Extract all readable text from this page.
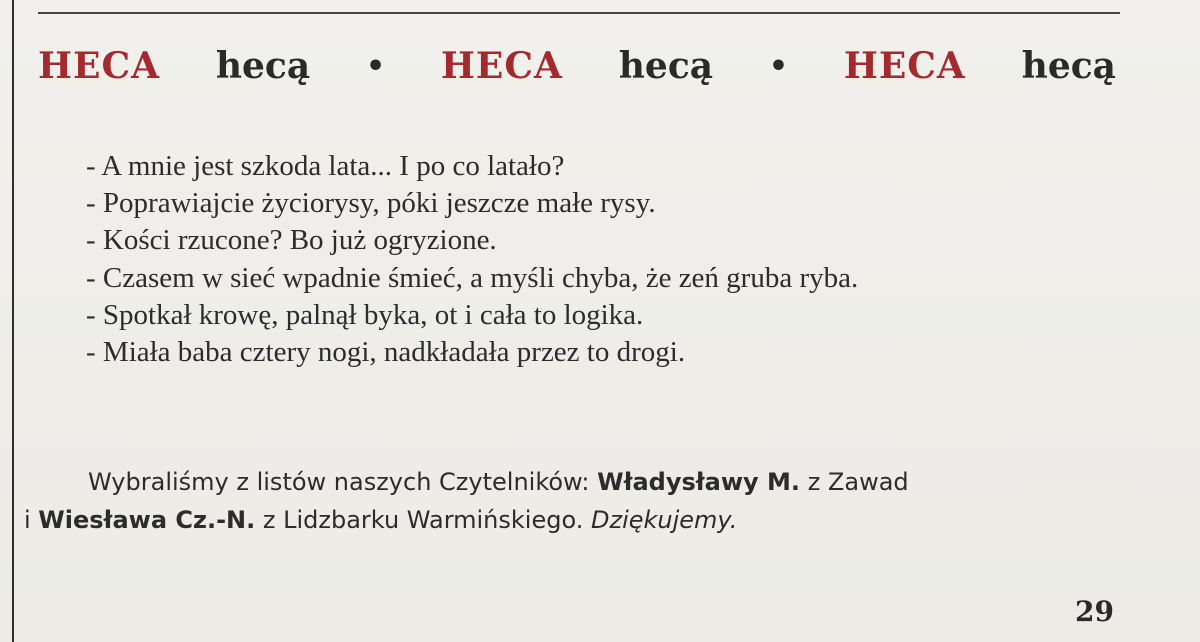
HECA hecą • HECA hecą • HECA hecą
- A mnie jest szkoda lata... I po co latało?
- Poprawiajcie życiorysy, póki jeszcze małe rysy.
- Kości rzucone? Bo już ogryzione.
- Czasem w sieć wpadnie śmieć, a myśli chyba, że zeń gruba ryba.
- Spotkał krowę, palnął byka, ot i cała to logika.
- Miała baba cztery nogi, nadkładała przez to drogi.
Wybraliśmy z listów naszych Czytelników: Władysławy M. z Zawad
i Wiesława Cz.-N. z Lidzbarku Warmińskiego. Dziękujemy.
29
